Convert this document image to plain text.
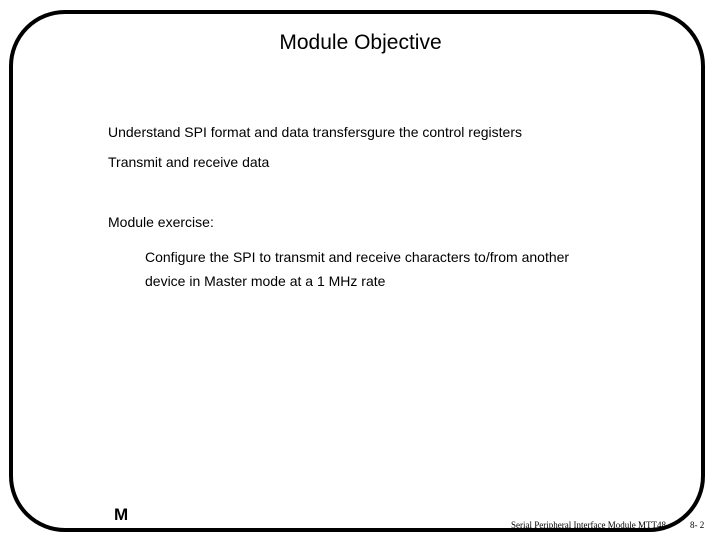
M
Module Objective
Understand SPI format and data transfersgure the control registers
Transmit and receive data
Module exercise:
Configure the SPI to transmit and receive characters to/from another
device in Master mode at a 1 MHz rate
Serial Peripheral Interface Module MTT48	8- 2
